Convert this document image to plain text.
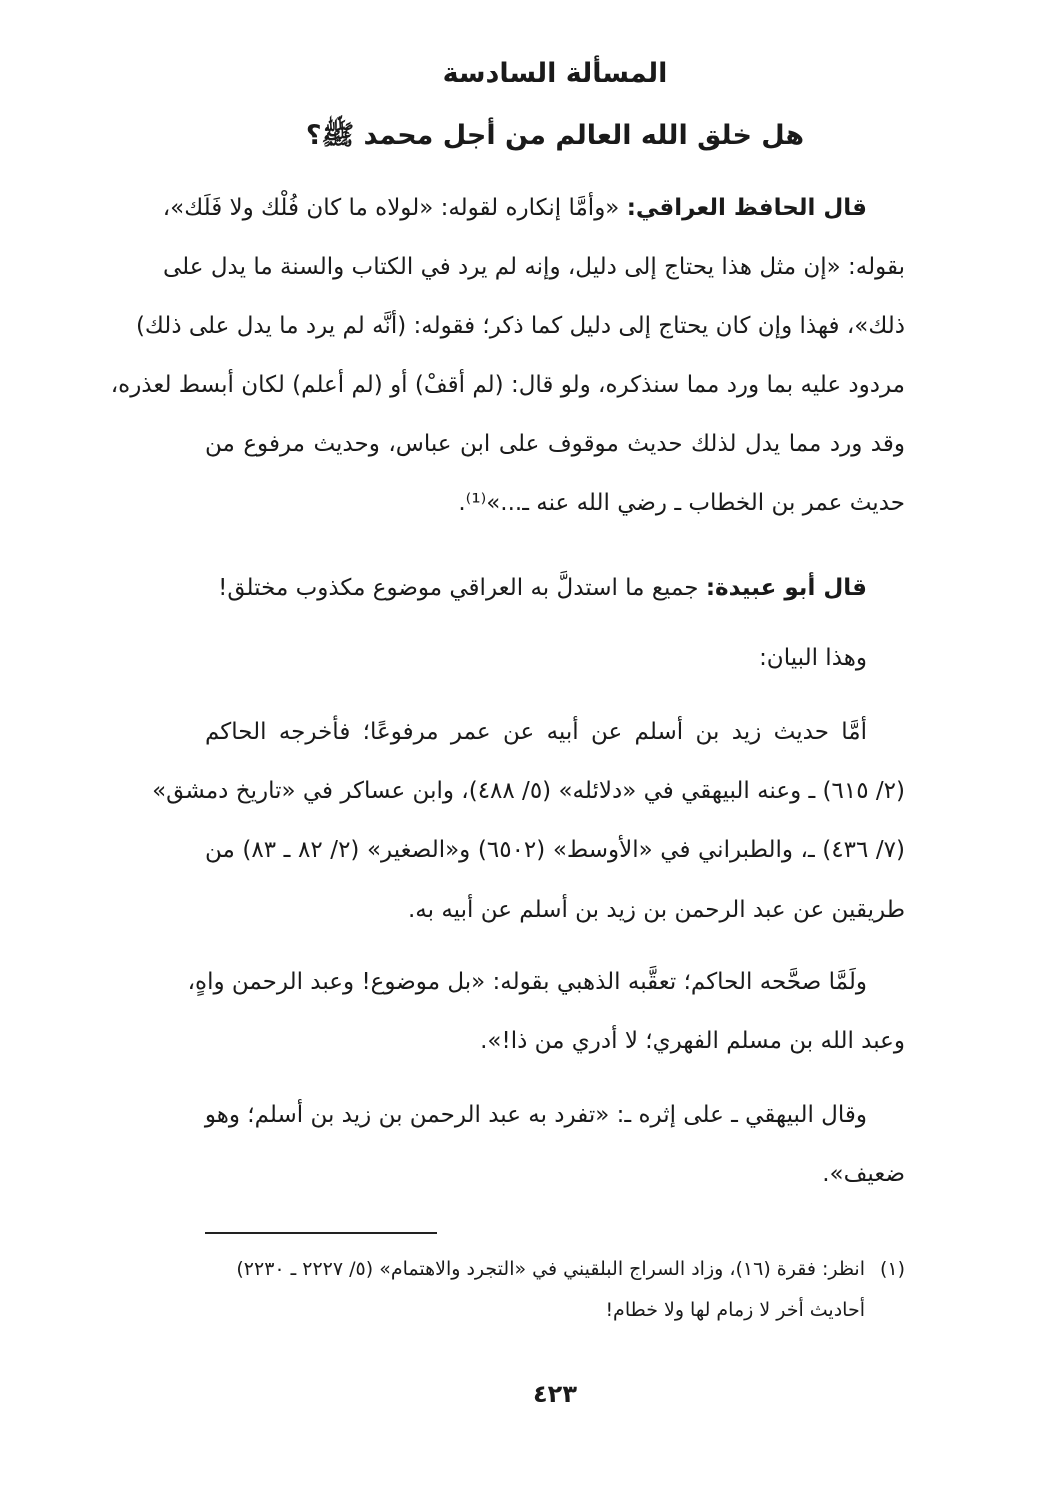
المسألة السادسة
هل خلق الله العالم من أجل محمد ﷺ؟
قال الحافظ العراقي: «وأمَّا إنكاره لقوله: «لولاه ما كان فُلْك ولا فَلَك»،
بقوله: «إن مثل هذا يحتاج إلى دليل، وإنه لم يرد في الكتاب والسنة ما يدل على
ذلك»، فهذا وإن كان يحتاج إلى دليل كما ذكر؛ فقوله: (أنَّه لم يرد ما يدل على ذلك)
مردود عليه بما ورد مما سنذكره، ولو قال: (لم أقفْ) أو (لم أعلم) لكان أبسط لعذره،
وقد ورد مما يدل لذلك حديث موقوف على ابن عباس، وحديث مرفوع من
حديث عمر بن الخطاب ـ رضي الله عنه ـ...»⁽¹⁾.
قال أبو عبيدة: جميع ما استدلَّ به العراقي موضوع مكذوب مختلق!
وهذا البيان:
أمَّا حديث زيد بن أسلم عن أبيه عن عمر مرفوعًا؛ فأخرجه الحاكم
(٢/ ٦١٥) ـ وعنه البيهقي في «دلائله» (٥/ ٤٨٨)، وابن عساكر في «تاريخ دمشق»
(٧/ ٤٣٦) ـ، والطبراني في «الأوسط» (٦٥٠٢) و«الصغير» (٢/ ٨٢ ـ ٨٣) من
طريقين عن عبد الرحمن بن زيد بن أسلم عن أبيه به.
ولَمَّا صحَّحه الحاكم؛ تعقَّبه الذهبي بقوله: «بل موضوع! وعبد الرحمن واهٍ،
وعبد الله بن مسلم الفهري؛ لا أدري من ذا!».
وقال البيهقي ـ على إثره ـ: «تفرد به عبد الرحمن بن زيد بن أسلم؛ وهو
ضعيف».
(١)انظر: فقرة (١٦)، وزاد السراج البلقيني في «التجرد والاهتمام» (٥/ ٢٢٢٧ ـ ٢٢٣٠)
أحاديث أخر لا زمام لها ولا خطام!
٤٢٣
